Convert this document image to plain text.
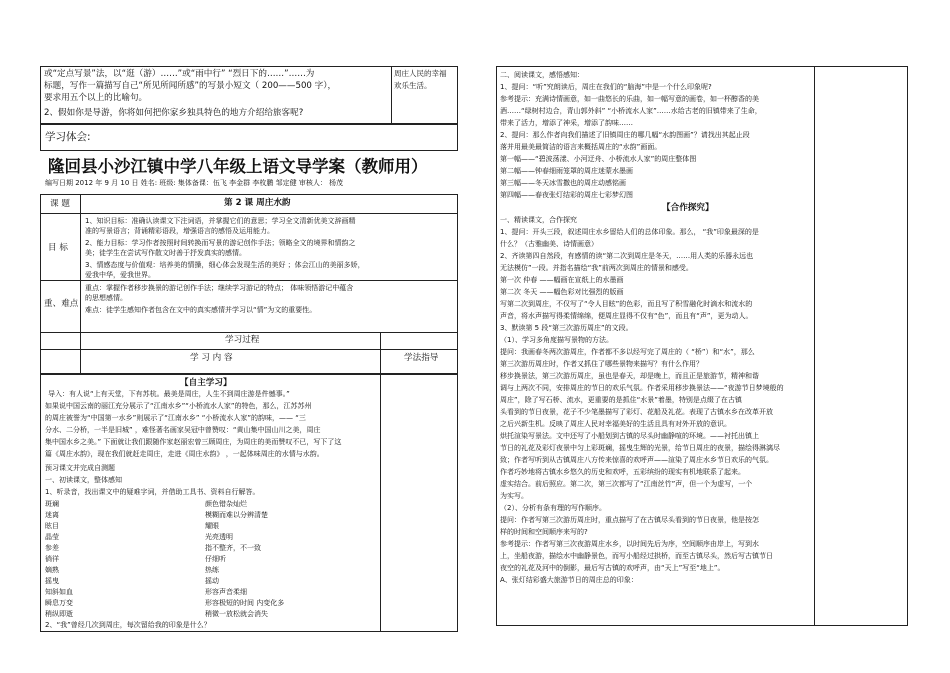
或“定点写景”法，以“逛（游）……”或“雨中行” “烈日下的……”……为
标题，写作一篇描写自己“所见所闻所感”的写景小短文（ 200——500 字），
要求用五个以上的比喻句。
2、假如你是导游，你将如何把你家乡独具特色的地方介绍给旅客呢?
周庄人民的幸福
欢乐生活。
学习体会:
隆回县小沙江镇中学八年级上语文导学案（教师用）
编写日期 2012 年 9 月 10 日 姓名: 班级: 集体备课：伍飞 李金群 李枚鹏 邹定健 审核人： 杨茂
课 题	第 2 课 周庄水韵
目 标
1、知识目标：准确认读课文下注词语，并掌握它们的意思；学习全文清新优美文辞画精
准的写景语言；背诵精彩语段，增强语言的感悟及运用能力。
2、能力目标：学习作者按照时间转换而写景的游记创作手法；领略全文的境界和情韵之
美；徒学生在尝试写作散文时善于抒发真实的感情。
3、情感态度与价值观：培养美的情操，细心体会发现生活的美好 ；体会江山的美丽多娇，
爱我中华，爱我世界。
重、难点
重点：掌握作者移步换景的游记创作手法；继续学习游记的特点； 体味领悟游记中蕴含
的思想感情。
难点：徒学生感知作者包含在文中的真实感情并学习以“情”为文的重要性。
学习过程
学 习 内 容	学法指导
【自主学习】
导入：有人说“上有天堂，下有苏杭。最美是周庄，人生不到周庄游是件憾事。”
如果说中国云南的丽江充分展示了“江南水乡”“小桥流水人家”的特色，那么，江苏苏州
的周庄被誉为“中国第一水乡”则展示了“江南水乡” “小桥流水人家”的韵味，—— “三
分水、二分桥，一半是旧城” ，难怪著名画家吴冠中曾赞叹：“黄山集中国山川之美，周庄
集中国水乡之美。” 下面就让我们跟随作家赵丽宏曾三顾周庄，为周庄的美而赞叹不已，写下了这
篇《周庄水韵》，现在我们就赶走周庄，走进《周庄水韵》 ，一起体味周庄的水情与水韵。
预习课文并完成自测题
一、初读课文，整体感知
1、听录音，找出课文中的疑难字词，并借助工具书、资料自行解答。
斑斓	颜色错杂灿烂
迷离	模糊而难以分辨清楚
眩目	耀眼
晶莹	光亮透明
参差	指不整齐，不一致
徜徉	仔细听
嫡熟	热练
摇曳	摇动
知斜如血	形容声音柔细
瞬息万变	形容极短的时间 内变化多
稍纵即逝	稍微一放松就会消失
2、“我”曾经几次到周庄，每次留给我的印象是什么？
二、阅读课文，感悟感知：
1、提问：“听”究朗读后，周庄在我们的“脑海”中是一个什么印象呢?
参考提示：充满诗情画意，如一曲悠长的乐曲，如一幅写意的画卷，如一杯醇香的美
酒……“绿树村边合，青山郭外斜” “小桥流水人家”……水给古老的旧镇带来了生命，
带来了活力，增添了神采，增添了韵味……
2、提问：那么作者向我们描述了旧镇周庄的哪几幅“水韵图画”？请找出其起止段
落并用最美最简洁的语言来概括周庄的“水韵”画面。
第一幅——“碧波荡漾、小河迂舟、小桥流水人家”的周庄整体图
第二幅——钟春细雨笼罩的周庄迷蒙水墨画
第三幅——冬天冰雪撒也的周庄动感铭画
第四幅——春夜张灯结彩的周庄七彩梦幻图
【合作探究】
一、精读课文，合作探究
1、提问：开头三段，叙述周庄水乡留给人们的总体印象。那么， “我”印象最深的是
什么？（古雅幽美、诗情画意）
2、齐读第四自然段，有感情的读“第二次到周庄是冬天，……用人类的乐器永远也
无法模仿”一段。并指名描绘“我”前两次到周庄的情景和感受。
第一次 仲春 ——幅画在宣纸上的水墨画
第二次 冬天 ——幅色彩对比强烈的版画
写第二次到周庄，不仅写了“令人目眩”的色彩，而且写了积雪融化时滴水和流水的
声音，将水声描写得柔情绵绵，便周庄显得不仅有“色”，而且有“声”，更为动人。
3、默读第 5 段“第三次游历周庄”的文段。
（1）、学习多角度描写景物的方法。
提问：我画春冬两次游周庄，作者都不多以经写完了周庄的（ “桥”）和“水”，那么
第三次游历周庄时，作者又抓住了哪些景物来描写？有什么作用？
移步换景法，第三次游历周庄，虽也是春天，却是晚上，而且正是旅游节，精神和谐
调与上两次不同，安排周庄的节日的欢乐气氛。作者采用移步换景法——“夜游节日梦境般的
周庄”，除了写石桥、流水，更重要的是抓住“水景”着墨，特别是点缀了在古镇
头看到的节日夜景，花子不少笔墨描写了彩灯、花船及礼花。表现了古镇水乡在改革开放
之后兴新生机。反映了周庄人民对幸福美好的生活且具有对外开放的意识。
烘托渲染写景法。文中还写了小船划到古镇的尽头时幽静喧的环境。——衬托出镇上
节日的礼花及彩灯夜景中匀上彩斑斓，摇曳生辉的光景，给节日周庄的夜景，描绘得淋漓尽
致；作者写听到从古镇周庄八方传来惊喜的欢呼声——渲染了周庄水乡节日欢乐的气氛。
作者巧妙地将古镇水乡悠久的历史和欢呼，五彩缤纷的现实有机地联系了起来。
虚实结合。前后照应。第二次，第三次都写了“江南丝竹”声，但一个为虚写，一个
为实写。
（2）、分析有条有理的写作顺序。
提问：作者写第三次游历周庄时，重点描写了在古镇尽头看到的节日夜景，他是按怎
样的时间和空间顺序来写的?
参考提示：作者写第三次夜游周庄水乡，以时间先后为序，空间顺序由岸上，写到水
上，坐船夜游，描绘水中幽静景色，而写小船经过拱桥，而至古镇尽头，然后写古镇节日
夜空的礼花及河中的倒影，最后写古镇的欢呼声，由“天上”写至“地上”。
A、张灯结彩盛大旅游节日的周庄总的印象：
